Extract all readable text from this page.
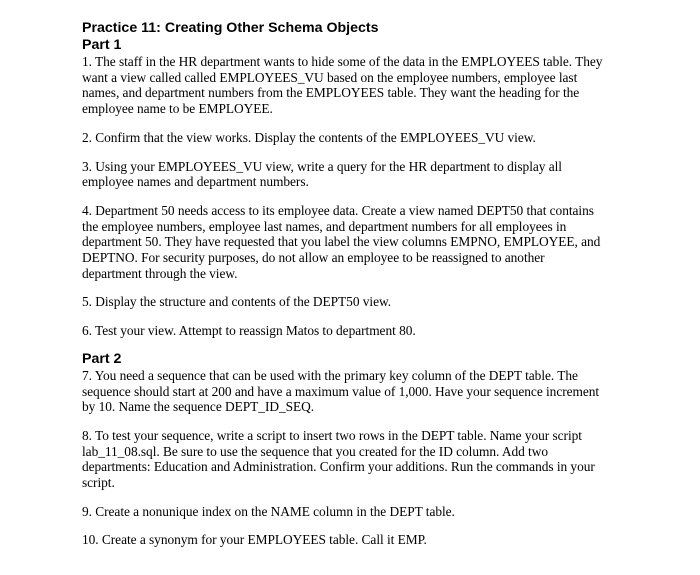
Practice 11: Creating Other Schema Objects
Part 1

1. The staff in the HR department wants to hide some of the data in the EMPLOYEES table. They want a view called called EMPLOYEES_VU based on the employee numbers, employee last names, and department numbers from the EMPLOYEES table. They want the heading for the employee name to be EMPLOYEE.

2. Confirm that the view works. Display the contents of the EMPLOYEES_VU view.

3. Using your EMPLOYEES_VU view, write a query for the HR department to display all employee names and department numbers.

4. Department 50 needs access to its employee data. Create a view named DEPT50 that contains the employee numbers, employee last names, and department numbers for all employees in department 50. They have requested that you label the view columns EMPNO, EMPLOYEE, and DEPTNO. For security purposes, do not allow an employee to be reassigned to another department through the view.

5. Display the structure and contents of the DEPT50 view.

6. Test your view. Attempt to reassign Matos to department 80.

Part 2

7. You need a sequence that can be used with the primary key column of the DEPT table. The sequence should start at 200 and have a maximum value of 1,000. Have your sequence increment by 10. Name the sequence DEPT_ID_SEQ.

8. To test your sequence, write a script to insert two rows in the DEPT table. Name your script lab_11_08.sql. Be sure to use the sequence that you created for the ID column. Add two departments: Education and Administration. Confirm your additions. Run the commands in your script.

9. Create a nonunique index on the NAME column in the DEPT table.

10. Create a synonym for your EMPLOYEES table. Call it EMP.
